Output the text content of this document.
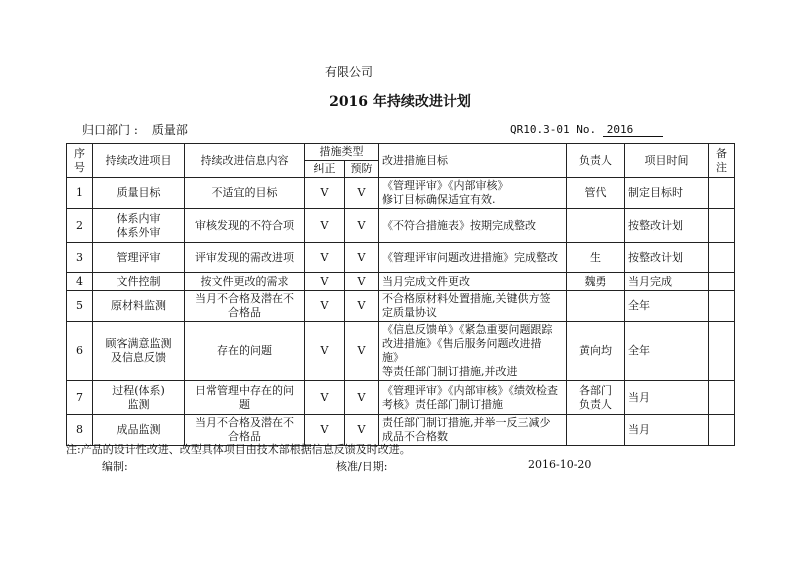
有限公司
2016 年持续改进计划
归口部门 : 质量部	QR10.3-01 No. 2016
序
号	持续改进项目	持续改进信息内容	措施类型		改进措施目标	负责人	项目时间	备
注
			纠正	预防				
1	质量目标	不适宜的目标	V	V	《管理评审》《内部审核》
修订目标确保适宜有效.	管代	制定目标时	
2	体系内审
体系外审	审核发现的不符合项	V	V	《不符合措施表》按期完成整改		按整改计划	
3	管理评审	评审发现的需改进项	V	V	《管理评审问题改进措施》完成整改	生	按整改计划	
4	文件控制	按文件更改的需求	V	V	当月完成文件更改	魏勇	当月完成	
5	原材料监测	当月不合格及潜在不
合格品	V	V	不合格原材料处置措施,关键供方签
定质量协议		全年	
6	顾客满意监测
及信息反馈	存在的问题	V	V	《信息反馈单》《紧急重要问题跟踪
改进措施》《售后服务问题改进措施》
等责任部门制订措施,并改进	黄向均	全年	
7	过程(体系)
监测	日常管理中存在的问
题	V	V	《管理评审》《内部审核》《绩效检查
考核》责任部门制订措施	各部门
负责人	当月	
8	成品监测	当月不合格及潜在不
合格品	V	V	责任部门制订措施,并举一反三减少
成品不合格数		当月	
注:产品的设计性改进、改型具体项目由技术部根据信息反馈及时改进。
编制:	核准/日期:	2016-10-20
